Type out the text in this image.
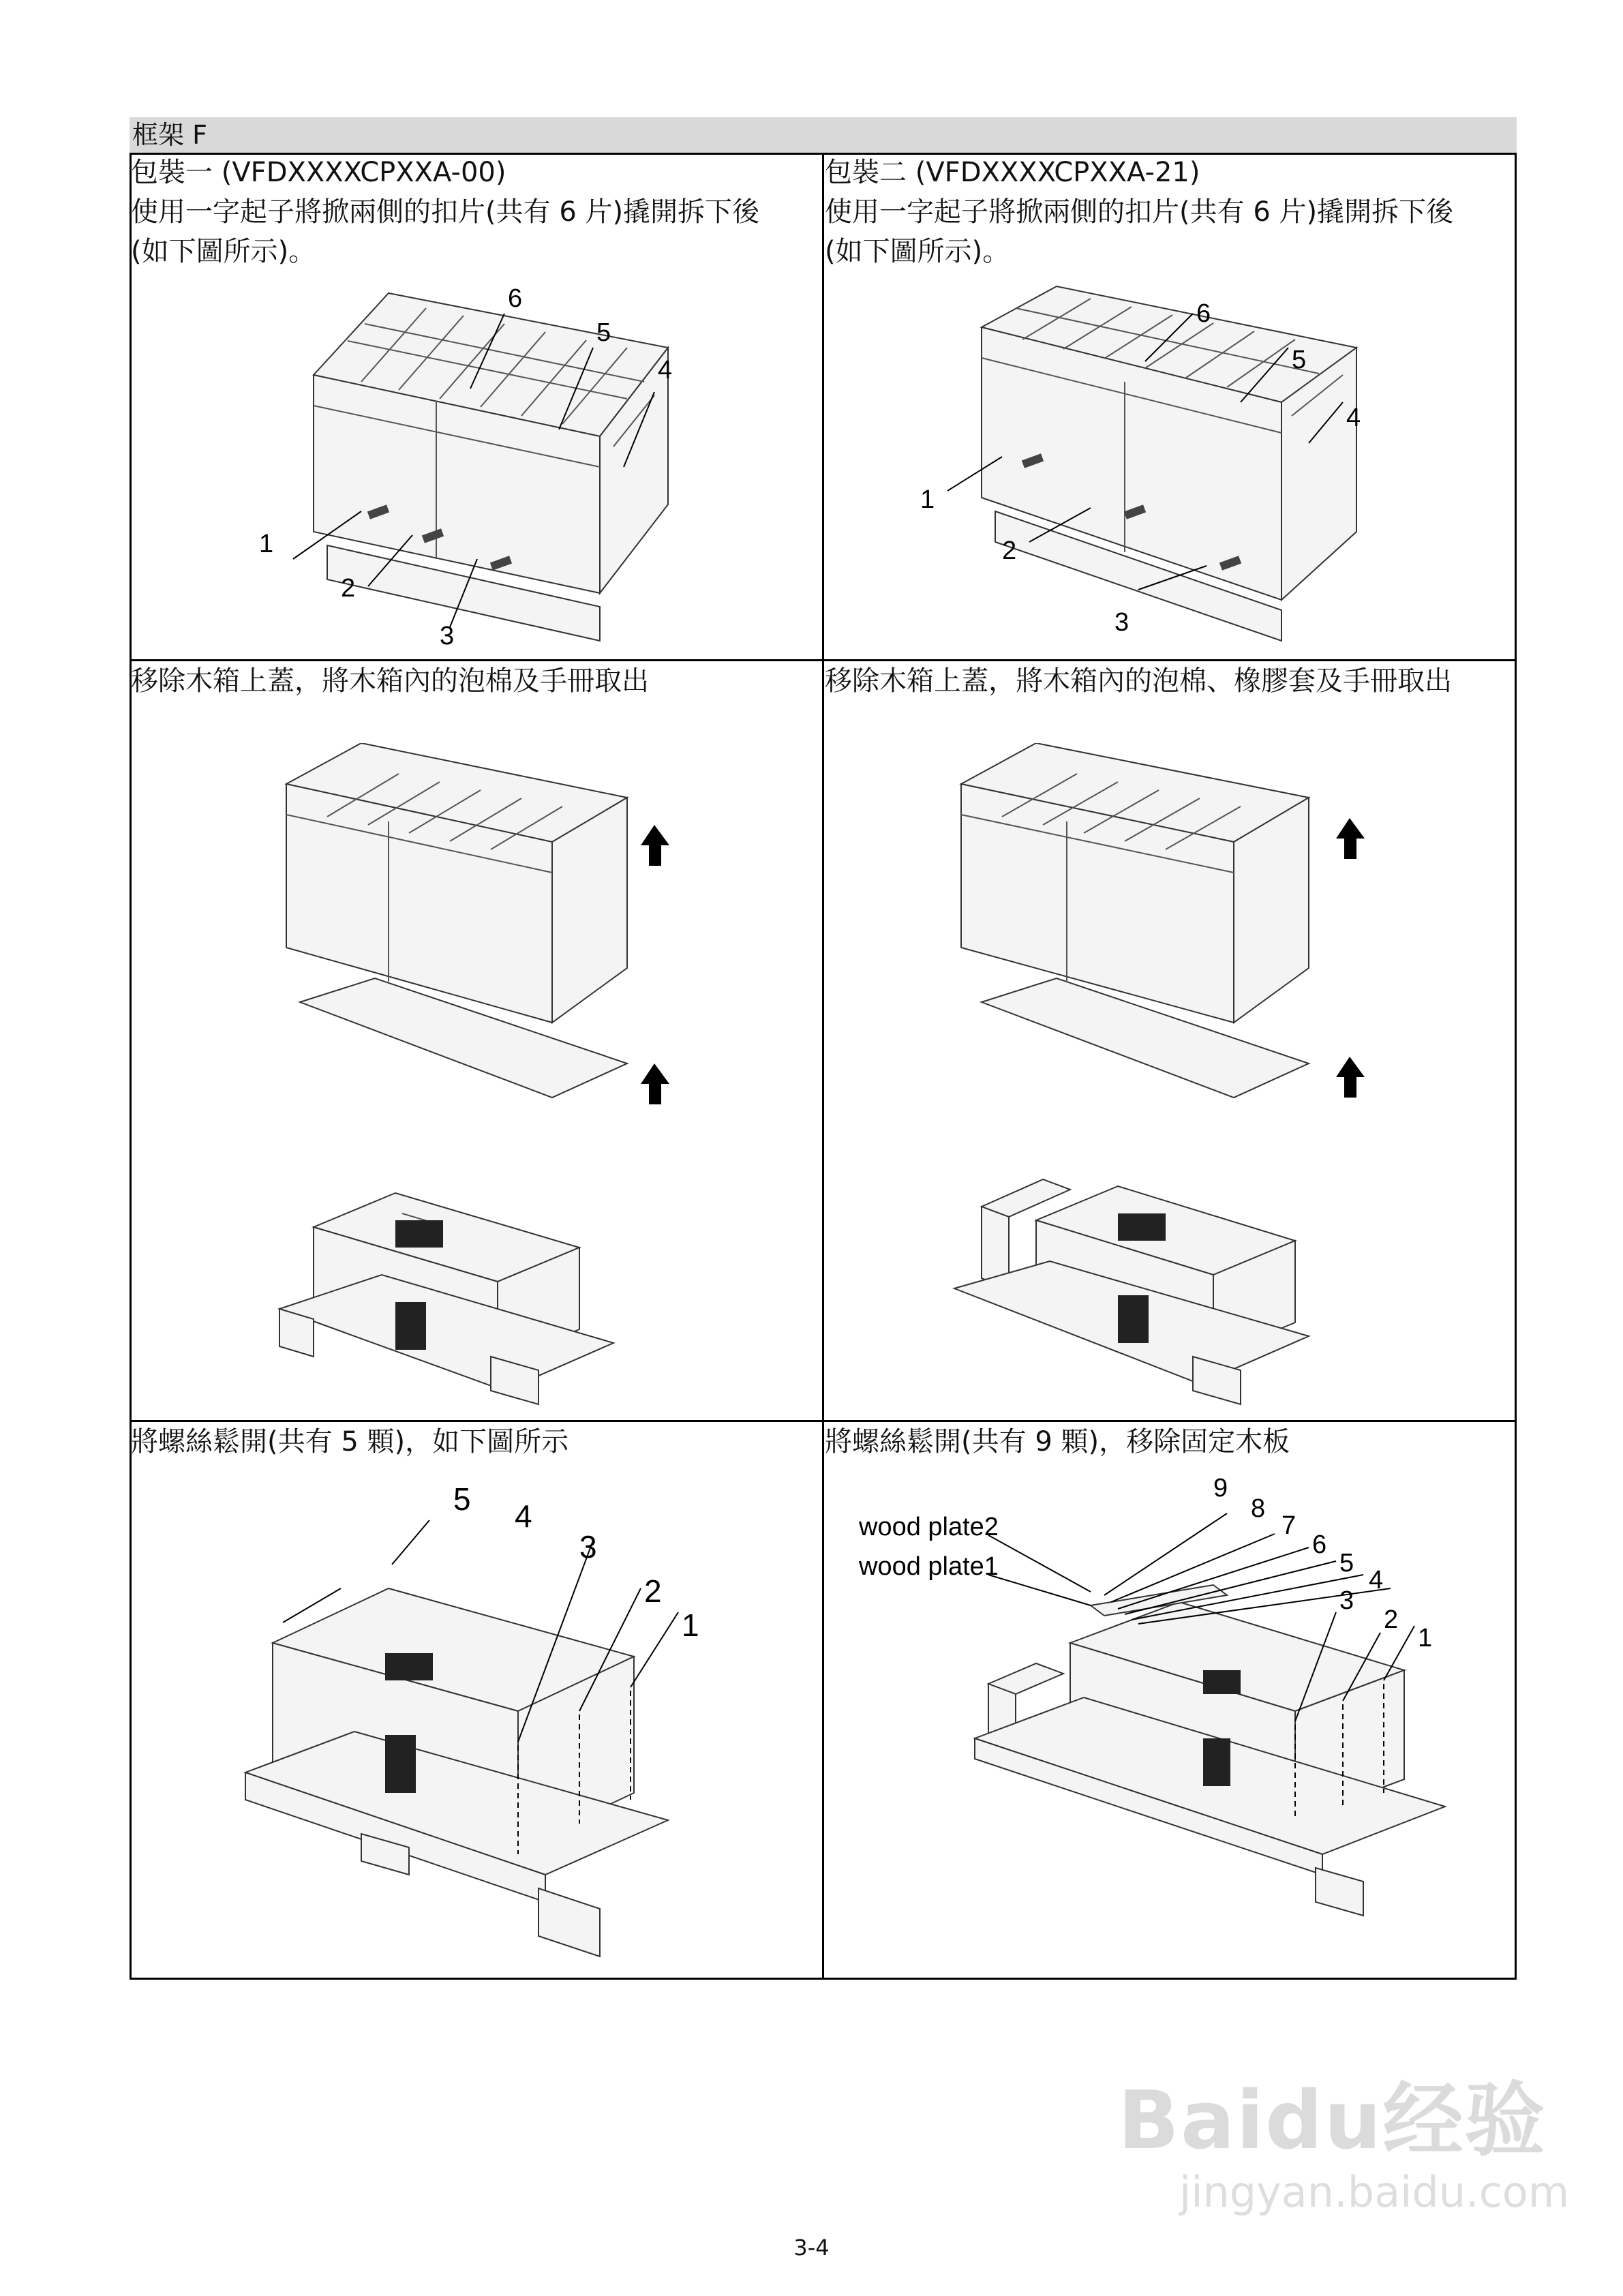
框架 F
包裝一 (VFDXXXXCPXXA-00)
使用一字起子將掀兩側的扣片(共有 6 片)撬開拆下後
(如下圖所示)。
1
2
3
4
5
6
包裝二 (VFDXXXXCPXXA-21)
使用一字起子將掀兩側的扣片(共有 6 片)撬開拆下後
(如下圖所示)。
1
2
3
4
5
6
移除木箱上蓋，將木箱內的泡棉及手冊取出	移除木箱上蓋，將木箱內的泡棉、橡膠套及手冊取出
將螺絲鬆開(共有 5 顆)，如下圖所示
1
2
3
4
5
將螺絲鬆開(共有 9 顆)，移除固定木板
1
2
3
4
5
6
7
8
9
wood plate2
wood plate1
3-4
Baidu经验
jingyan.baidu.com
